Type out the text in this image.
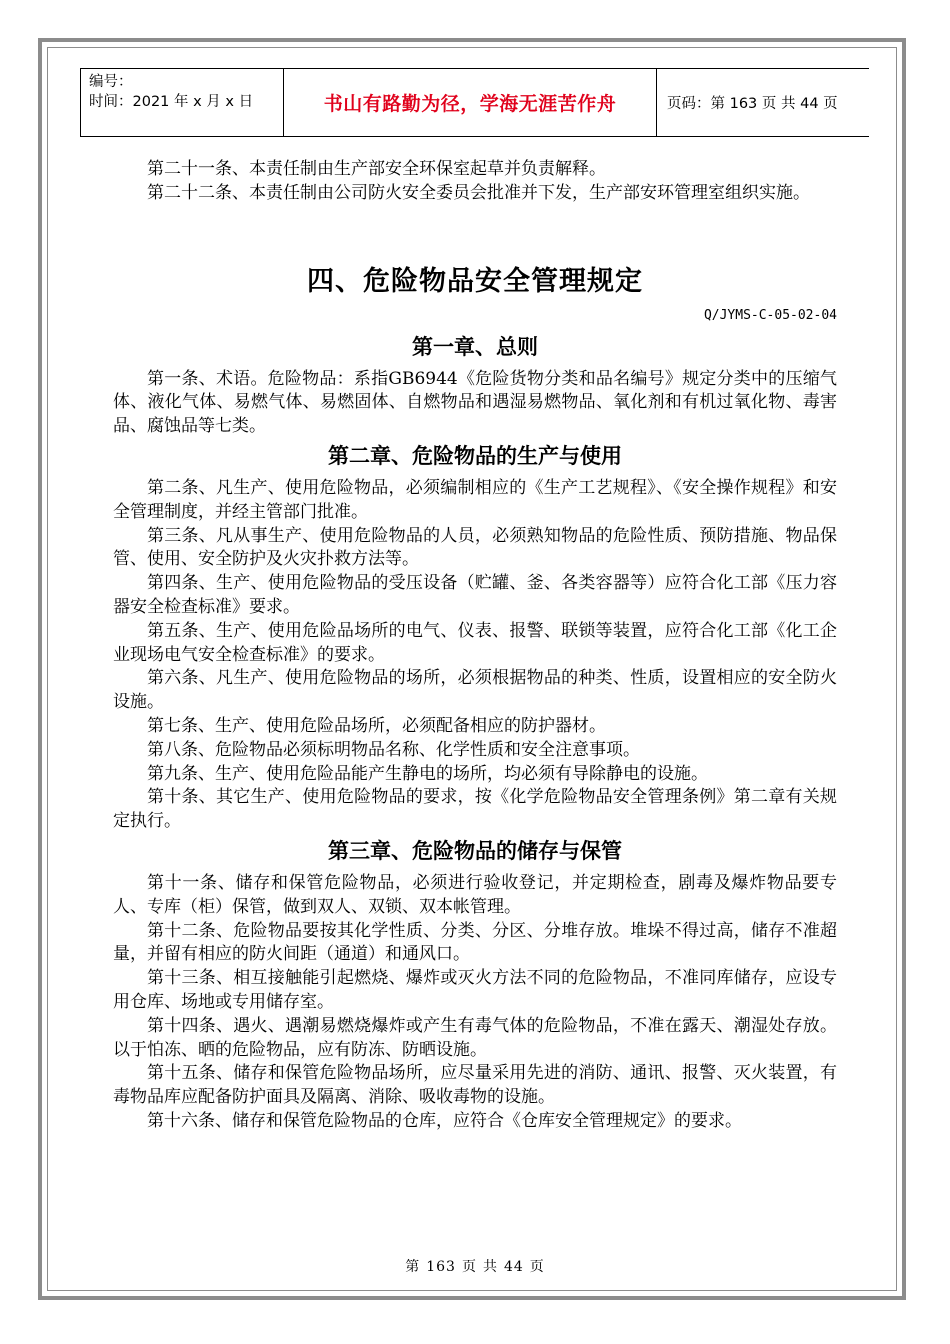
编号：
时间：2021 年 x 月 x 日	书山有路勤为径，学海无涯苦作舟	页码：第 163 页 共 44 页

第二十一条、本责任制由生产部安全环保室起草并负责解释。

第二十二条、本责任制由公司防火安全委员会批准并下发，生产部安环管理室组织实施。

四、危险物品安全管理规定
Q/JYMS-C-05-02-04
第一章、总则

第一条、术语。危险物品：系指GB6944《危险货物分类和品名编号》规定分类中的压缩气体、液化气体、易燃气体、易燃固体、自燃物品和遇湿易燃物品、氧化剂和有机过氧化物、毒害品、腐蚀品等七类。

第二章、危险物品的生产与使用

第二条、凡生产、使用危险物品，必须编制相应的《生产工艺规程》、《安全操作规程》和安全管理制度，并经主管部门批准。

第三条、凡从事生产、使用危险物品的人员，必须熟知物品的危险性质、预防措施、物品保管、使用、安全防护及火灾扑救方法等。

第四条、生产、使用危险物品的受压设备（贮罐、釜、各类容器等）应符合化工部《压力容器安全检查标准》要求。

第五条、生产、使用危险品场所的电气、仪表、报警、联锁等装置，应符合化工部《化工企业现场电气安全检查标准》的要求。

第六条、凡生产、使用危险物品的场所，必须根据物品的种类、性质，设置相应的安全防火设施。

第七条、生产、使用危险品场所，必须配备相应的防护器材。

第八条、危险物品必须标明物品名称、化学性质和安全注意事项。

第九条、生产、使用危险品能产生静电的场所，均必须有导除静电的设施。

第十条、其它生产、使用危险物品的要求，按《化学危险物品安全管理条例》第二章有关规定执行。

第三章、危险物品的储存与保管

第十一条、储存和保管危险物品，必须进行验收登记，并定期检查，剧毒及爆炸物品要专人、专库（柜）保管，做到双人、双锁、双本帐管理。

第十二条、危险物品要按其化学性质、分类、分区、分堆存放。堆垛不得过高，储存不准超量，并留有相应的防火间距（通道）和通风口。

第十三条、相互接触能引起燃烧、爆炸或灭火方法不同的危险物品，不准同库储存，应设专用仓库、场地或专用储存室。

第十四条、遇火、遇潮易燃烧爆炸或产生有毒气体的危险物品，不准在露天、潮湿处存放。以于怕冻、晒的危险物品，应有防冻、防晒设施。

第十五条、储存和保管危险物品场所，应尽量采用先进的消防、通讯、报警、灭火装置，有毒物品库应配备防护面具及隔离、消除、吸收毒物的设施。

第十六条、储存和保管危险物品的仓库，应符合《仓库安全管理规定》的要求。

第 163 页 共 44 页
